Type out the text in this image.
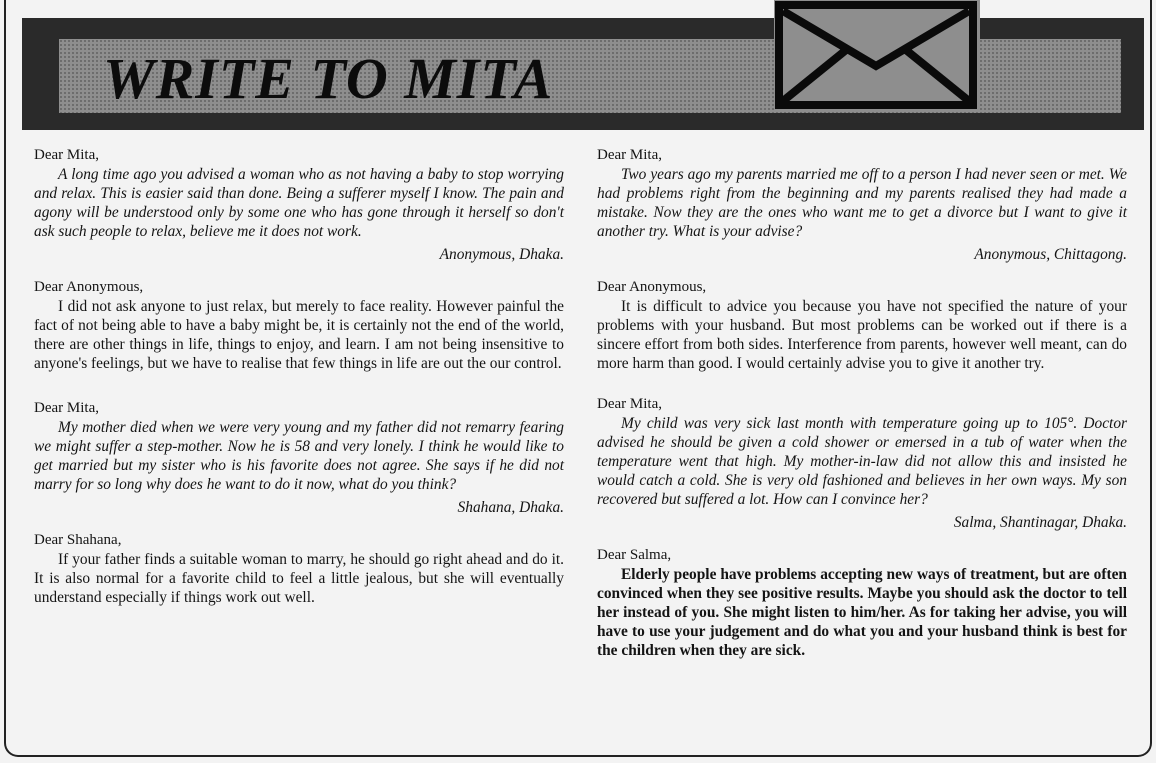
WRITE TO MITA

Dear Mita,

A long time ago you advised a woman who as not having a baby to stop worrying and relax. This is easier said than done. Being a sufferer myself I know. The pain and agony will be understood only by some one who has gone through it herself so don't ask such people to relax, believe me it does not work.

Anonymous, Dhaka.

Dear Anonymous,

I did not ask anyone to just relax, but merely to face reality. However painful the fact of not being able to have a baby might be, it is certainly not the end of the world, there are other things in life, things to enjoy, and learn. I am not being insensitive to anyone's feelings, but we have to realise that few things in life are out the our control.

Dear Mita,

My mother died when we were very young and my father did not remarry fearing we might suffer a step-mother. Now he is 58 and very lonely. I think he would like to get married but my sister who is his favorite does not agree. She says if he did not marry for so long why does he want to do it now, what do you think?

Shahana, Dhaka.

Dear Shahana,

If your father finds a suitable woman to marry, he should go right ahead and do it. It is also normal for a favorite child to feel a little jealous, but she will eventually understand especially if things work out well.

Dear Mita,

Two years ago my parents married me off to a person I had never seen or met. We had problems right from the beginning and my parents realised they had made a mistake. Now they are the ones who want me to get a divorce but I want to give it another try. What is your advise?

Anonymous, Chittagong.

Dear Anonymous,

It is difficult to advice you because you have not specified the nature of your problems with your husband. But most problems can be worked out if there is a sincere effort from both sides. Interference from parents, however well meant, can do more harm than good. I would certainly advise you to give it another try.

Dear Mita,

My child was very sick last month with temperature going up to 105°. Doctor advised he should be given a cold shower or emersed in a tub of water when the temperature went that high. My mother-in-law did not allow this and insisted he would catch a cold. She is very old fashioned and believes in her own ways. My son recovered but suffered a lot. How can I convince her?

Salma, Shantinagar, Dhaka.

Dear Salma,

Elderly people have problems accepting new ways of treatment, but are often convinced when they see positive results. Maybe you should ask the doctor to tell her instead of you. She might listen to him/her. As for taking her advise, you will have to use your judgement and do what you and your husband think is best for the children when they are sick.
